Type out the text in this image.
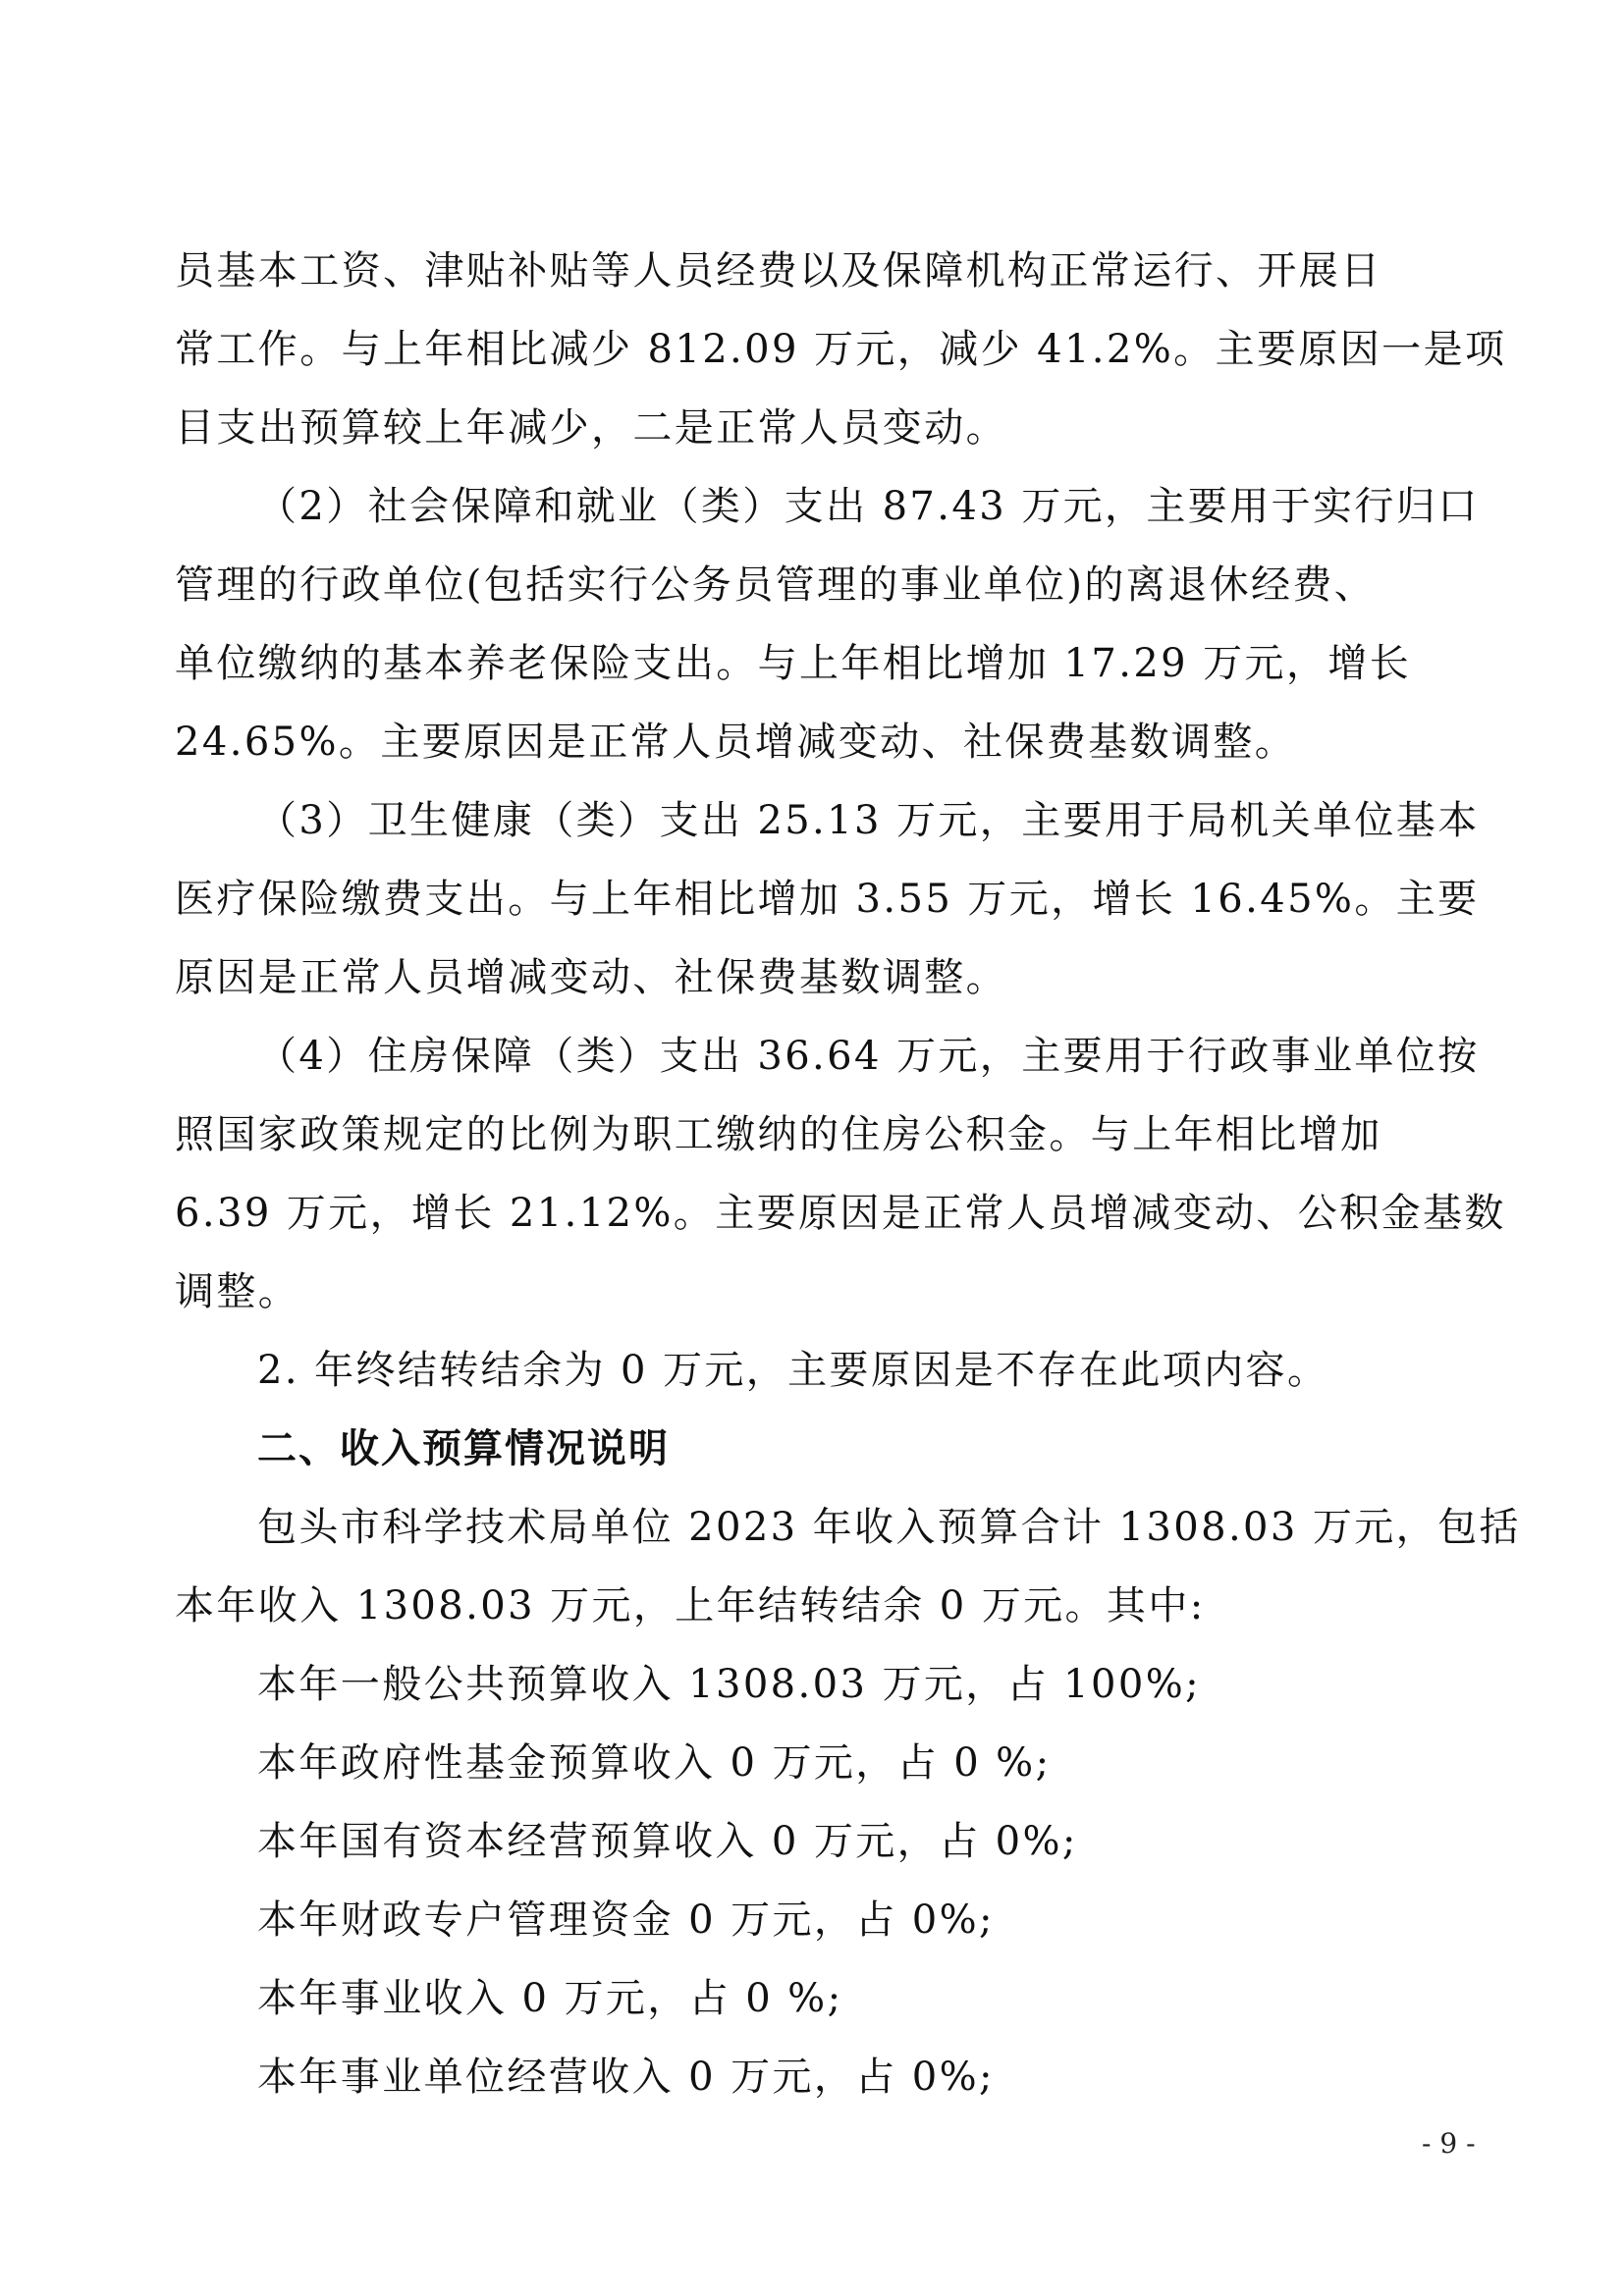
员基本工资、津贴补贴等人员经费以及保障机构正常运行、开展日
常工作。与上年相比减少 812.09 万元，减少 41.2%。主要原因一是项
目支出预算较上年减少，二是正常人员变动。
（2）社会保障和就业（类）支出 87.43 万元，主要用于实行归口
管理的行政单位(包括实行公务员管理的事业单位)的离退休经费、
单位缴纳的基本养老保险支出。与上年相比增加 17.29 万元，增长
24.65%。主要原因是正常人员增减变动、社保费基数调整。
（3）卫生健康（类）支出 25.13 万元，主要用于局机关单位基本
医疗保险缴费支出。与上年相比增加 3.55 万元，增长 16.45%。主要
原因是正常人员增减变动、社保费基数调整。
（4）住房保障（类）支出 36.64 万元，主要用于行政事业单位按
照国家政策规定的比例为职工缴纳的住房公积金。与上年相比增加
6.39 万元，增长 21.12%。主要原因是正常人员增减变动、公积金基数
调整。
2. 年终结转结余为 0 万元，主要原因是不存在此项内容。
二、收入预算情况说明
包头市科学技术局单位 2023 年收入预算合计 1308.03 万元，包括
本年收入 1308.03 万元，上年结转结余 0 万元。其中:
本年一般公共预算收入 1308.03 万元，占 100%;
本年政府性基金预算收入 0 万元，占 0 %;
本年国有资本经营预算收入 0 万元，占 0%;
本年财政专户管理资金 0 万元，占 0%;
本年事业收入 0 万元，占 0 %;
本年事业单位经营收入 0 万元，占 0%;
- 9 -
